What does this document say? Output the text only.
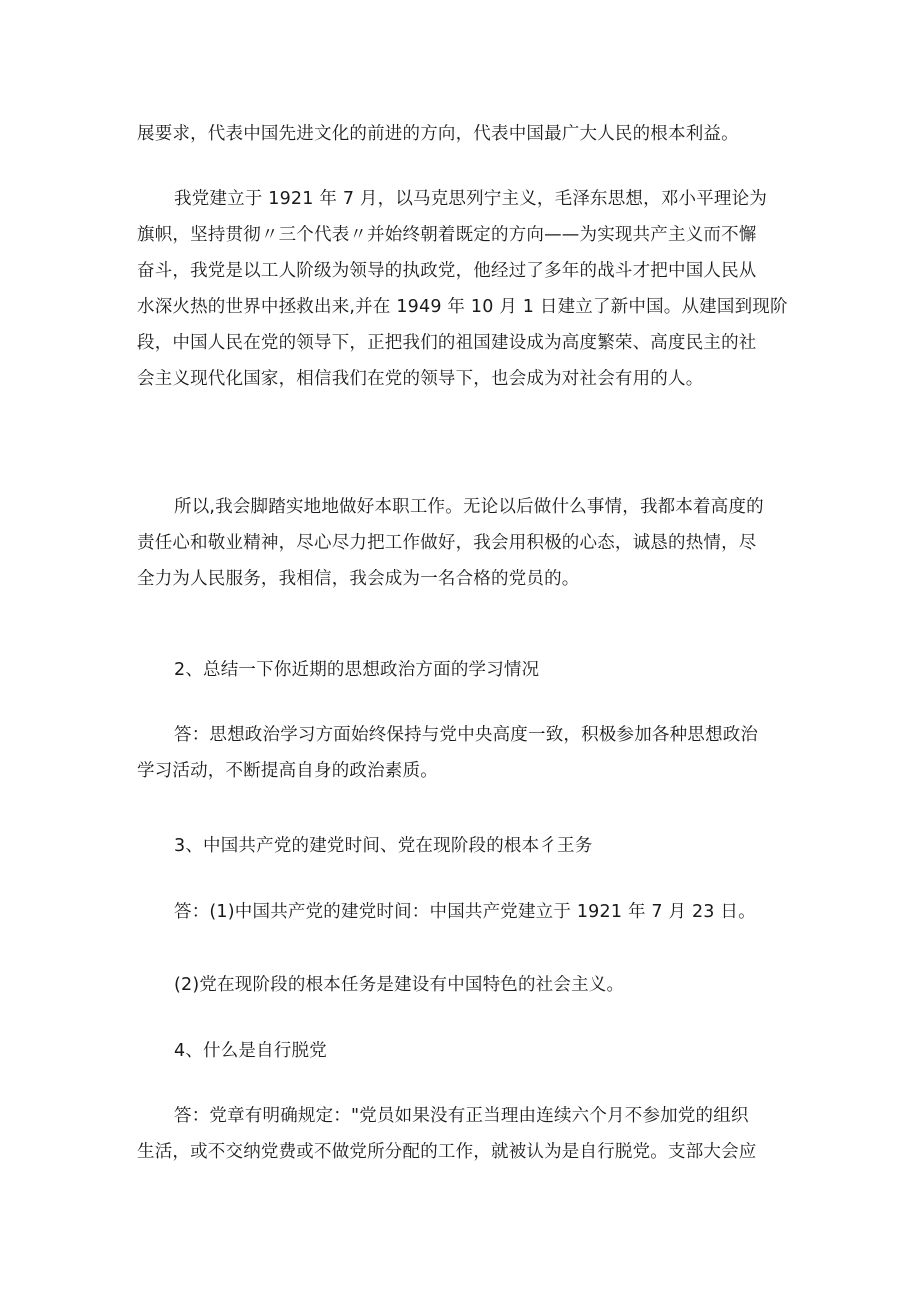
展要求，代表中国先进文化的前进的方向，代表中国最广大人民的根本利益。
我党建立于 1921 年 7 月，以马克思列宁主义，毛泽东思想，邓小平理论为
旗帜，坚持贯彻〃三个代表〃并始终朝着既定的方向——为实现共产主义而不懈
奋斗，我党是以工人阶级为领导的执政党，他经过了多年的战斗才把中国人民从
水深火热的世界中拯救出来,并在 1949 年 10 月 1 日建立了新中国。从建国到现阶
段，中国人民在党的领导下，正把我们的祖国建设成为高度繁荣、高度民主的社
会主义现代化国家，相信我们在党的领导下，也会成为对社会有用的人。
所以,我会脚踏实地地做好本职工作。无论以后做什么事情，我都本着高度的
责任心和敬业精神，尽心尽力把工作做好，我会用积极的心态，诚恳的热情，尽
全力为人民服务，我相信，我会成为一名合格的党员的。
2、总结一下你近期的思想政治方面的学习情况
答：思想政治学习方面始终保持与党中央高度一致，积极参加各种思想政治
学习活动，不断提高自身的政治素质。
3、中国共产党的建党时间、党在现阶段的根本彳王务
答：(1)中国共产党的建党时间：中国共产党建立于 1921 年 7 月 23 日。
(2)党在现阶段的根本任务是建设有中国特色的社会主义。
4、什么是自行脱党
答：党章有明确规定："党员如果没有正当理由连续六个月不参加党的组织
生活，或不交纳党费或不做党所分配的工作，就被认为是自行脱党。支部大会应
